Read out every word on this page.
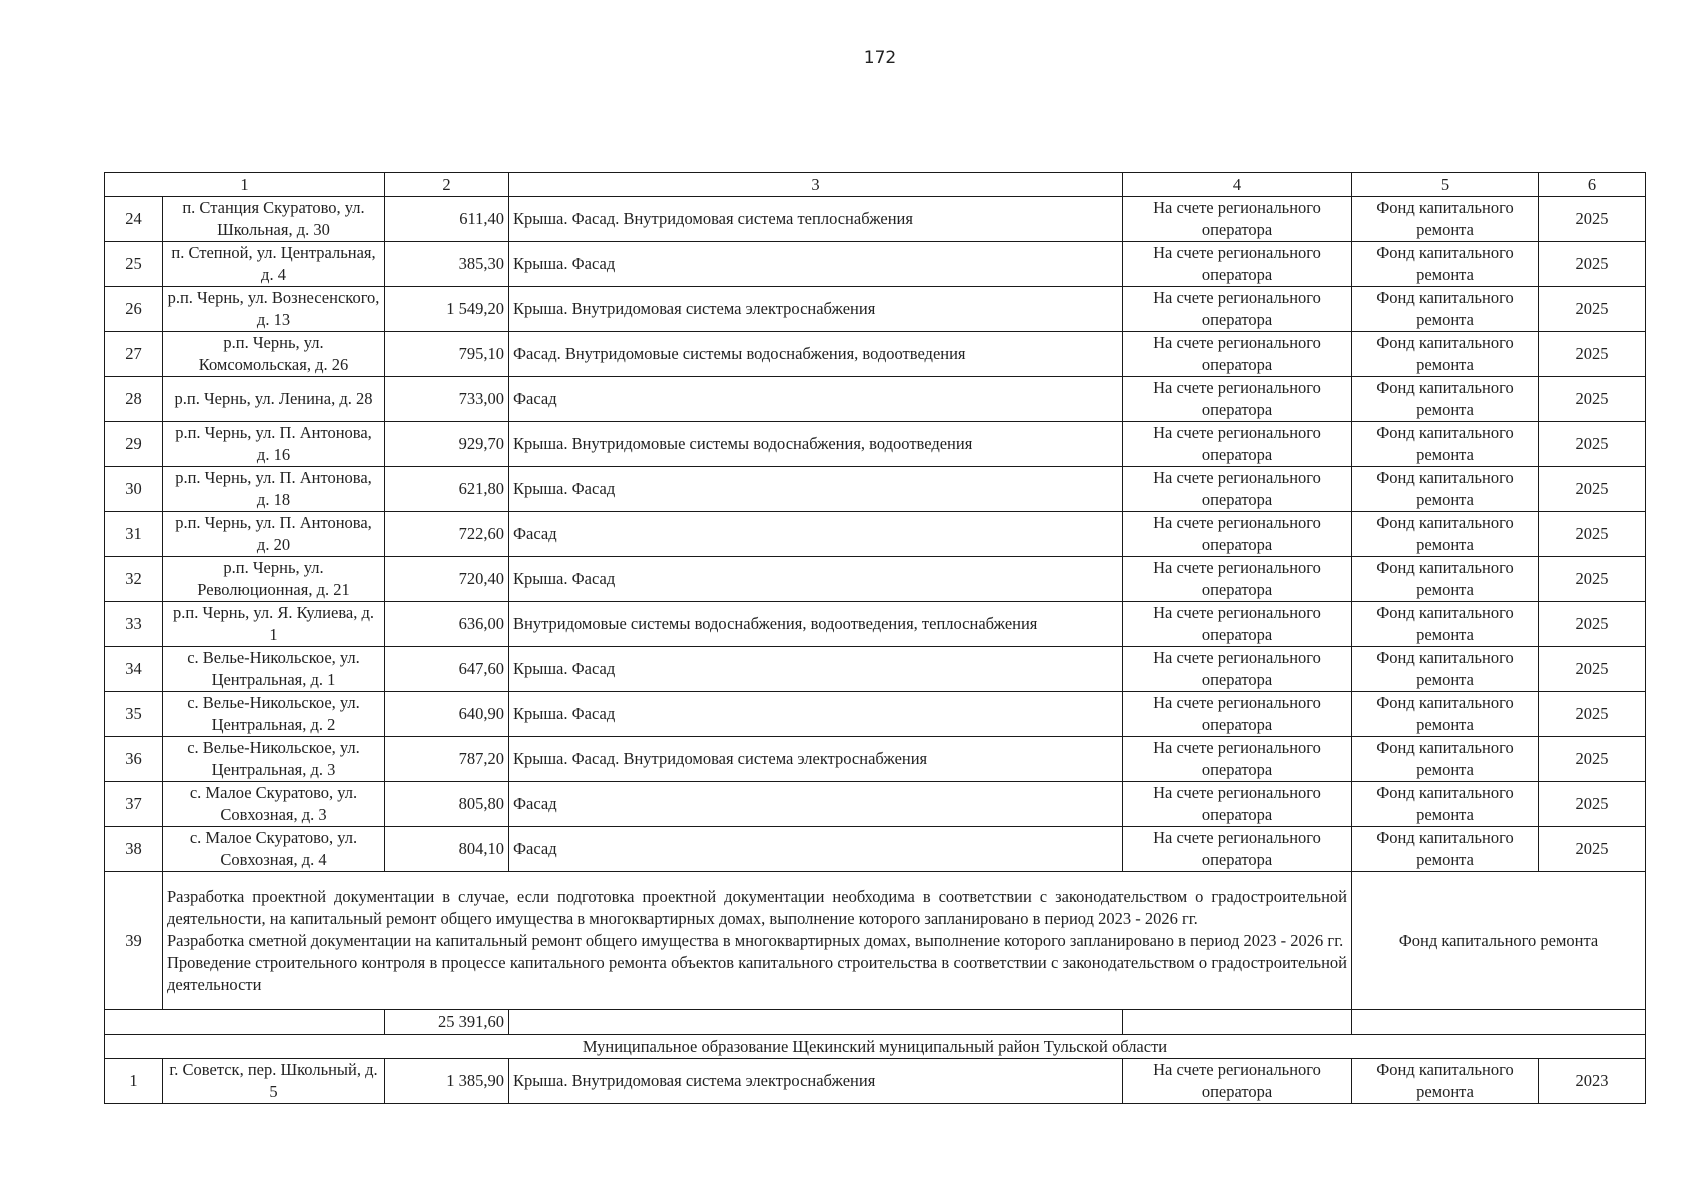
172
1		2	3	4	5	6
24	п. Станция Скуратово, ул. Школьная, д. 30	611,40	Крыша. Фасад. Внутридомовая система теплоснабжения	На счете регионального оператора	Фонд капитального ремонта	2025
25	п. Степной, ул. Центральная, д. 4	385,30	Крыша. Фасад	На счете регионального оператора	Фонд капитального ремонта	2025
26	р.п. Чернь, ул. Вознесенского, д. 13	1 549,20	Крыша. Внутридомовая система электроснабжения	На счете регионального оператора	Фонд капитального ремонта	2025
27	р.п. Чернь, ул. Комсомольская, д. 26	795,10	Фасад. Внутридомовые системы водоснабжения, водоотведения	На счете регионального оператора	Фонд капитального ремонта	2025
28	р.п. Чернь, ул. Ленина, д. 28	733,00	Фасад	На счете регионального оператора	Фонд капитального ремонта	2025
29	р.п. Чернь, ул. П. Антонова, д. 16	929,70	Крыша. Внутридомовые системы водоснабжения, водоотведения	На счете регионального оператора	Фонд капитального ремонта	2025
30	р.п. Чернь, ул. П. Антонова, д. 18	621,80	Крыша. Фасад	На счете регионального оператора	Фонд капитального ремонта	2025
31	р.п. Чернь, ул. П. Антонова, д. 20	722,60	Фасад	На счете регионального оператора	Фонд капитального ремонта	2025
32	р.п. Чернь, ул. Революционная, д. 21	720,40	Крыша. Фасад	На счете регионального оператора	Фонд капитального ремонта	2025
33	р.п. Чернь, ул. Я. Кулиева, д. 1	636,00	Внутридомовые системы водоснабжения, водоотведения, теплоснабжения	На счете регионального оператора	Фонд капитального ремонта	2025
34	с. Велье-Никольское, ул. Центральная, д. 1	647,60	Крыша. Фасад	На счете регионального оператора	Фонд капитального ремонта	2025
35	с. Велье-Никольское, ул. Центральная, д. 2	640,90	Крыша. Фасад	На счете регионального оператора	Фонд капитального ремонта	2025
36	с. Велье-Никольское, ул. Центральная, д. 3	787,20	Крыша. Фасад. Внутридомовая система электроснабжения	На счете регионального оператора	Фонд капитального ремонта	2025
37	с. Малое Скуратово, ул. Совхозная, д. 3	805,80	Фасад	На счете регионального оператора	Фонд капитального ремонта	2025
38	с. Малое Скуратово, ул. Совхозная, д. 4	804,10	Фасад	На счете регионального оператора	Фонд капитального ремонта	2025
39	Разработка проектной документации в случае, если подготовка проектной документации необходима в соответствии с законодательством о градостроительной деятельности, на капитальный ремонт общего имущества в многоквартирных домах, выполнение которого запланировано в период 2023 - 2026 гг.

Разработка сметной документации на капитальный ремонт общего имущества в многоквартирных домах, выполнение которого запланировано в период 2023 - 2026 гг.

Проведение строительного контроля в процессе капитального ремонта объектов капитального строительства в соответствии с законодательством о градостроительной деятельности				Фонд капитального ремонта	
		25 391,60				
Муниципальное образование Щекинский муниципальный район Тульской области						
1	г. Советск, пер. Школьный, д. 5	1 385,90	Крыша. Внутридомовая система электроснабжения	На счете регионального оператора	Фонд капитального ремонта	2023
